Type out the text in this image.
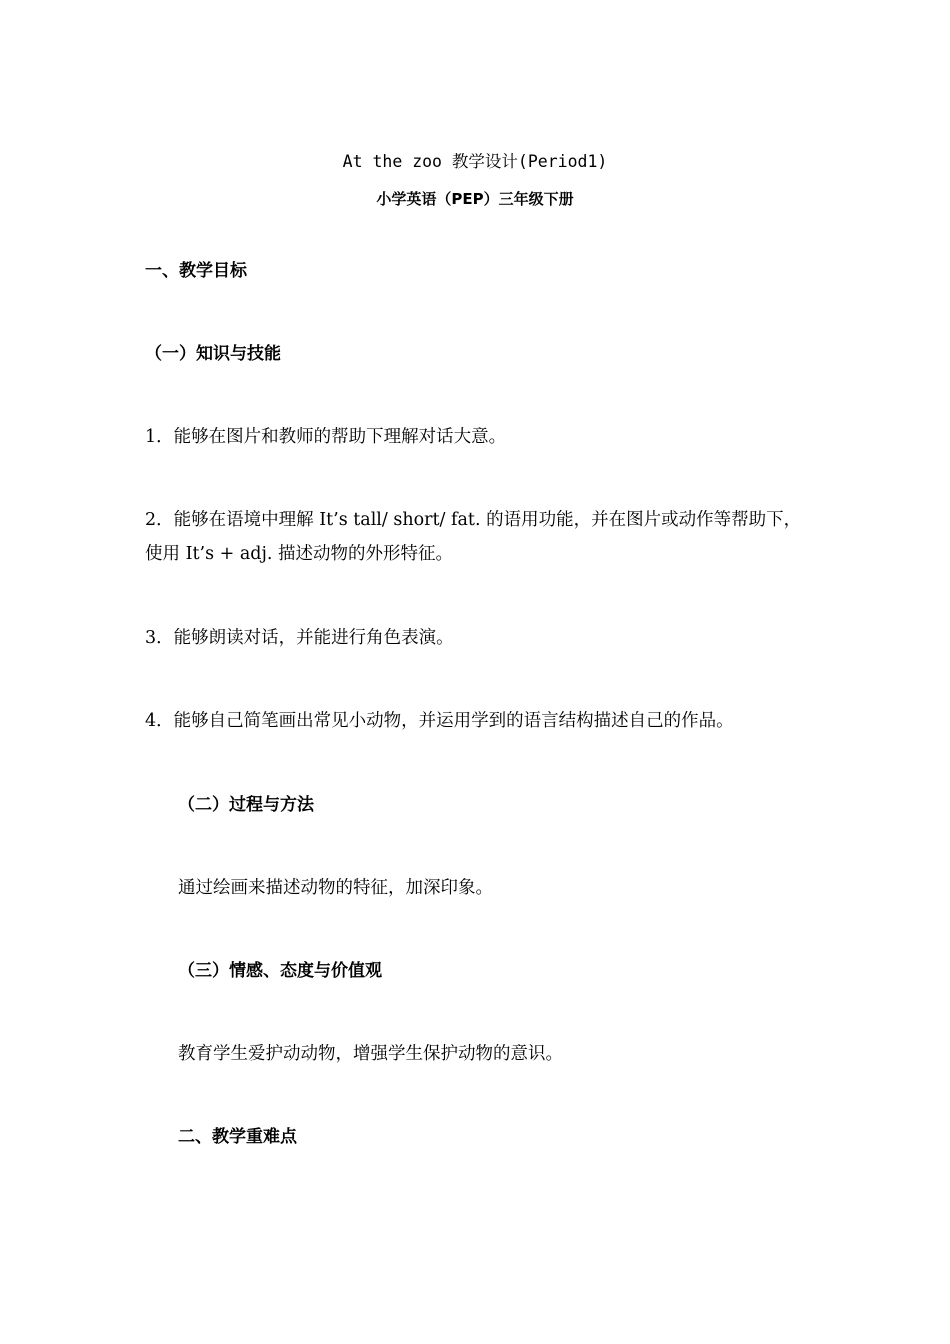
At the zoo 教学设计(Period1)
小学英语（PEP）三年级下册
一、教学目标
（一）知识与技能
1．能够在图片和教师的帮助下理解对话大意。
2．能够在语境中理解 It’s tall/ short/ fat. 的语用功能，并在图片或动作等帮助下，
使用 It’s + adj. 描述动物的外形特征。
3．能够朗读对话，并能进行角色表演。
4．能够自己简笔画出常见小动物，并运用学到的语言结构描述自己的作品。
（二）过程与方法
通过绘画来描述动物的特征，加深印象。
（三）情感、态度与价值观
教育学生爱护动动物，增强学生保护动物的意识。
二、教学重难点
